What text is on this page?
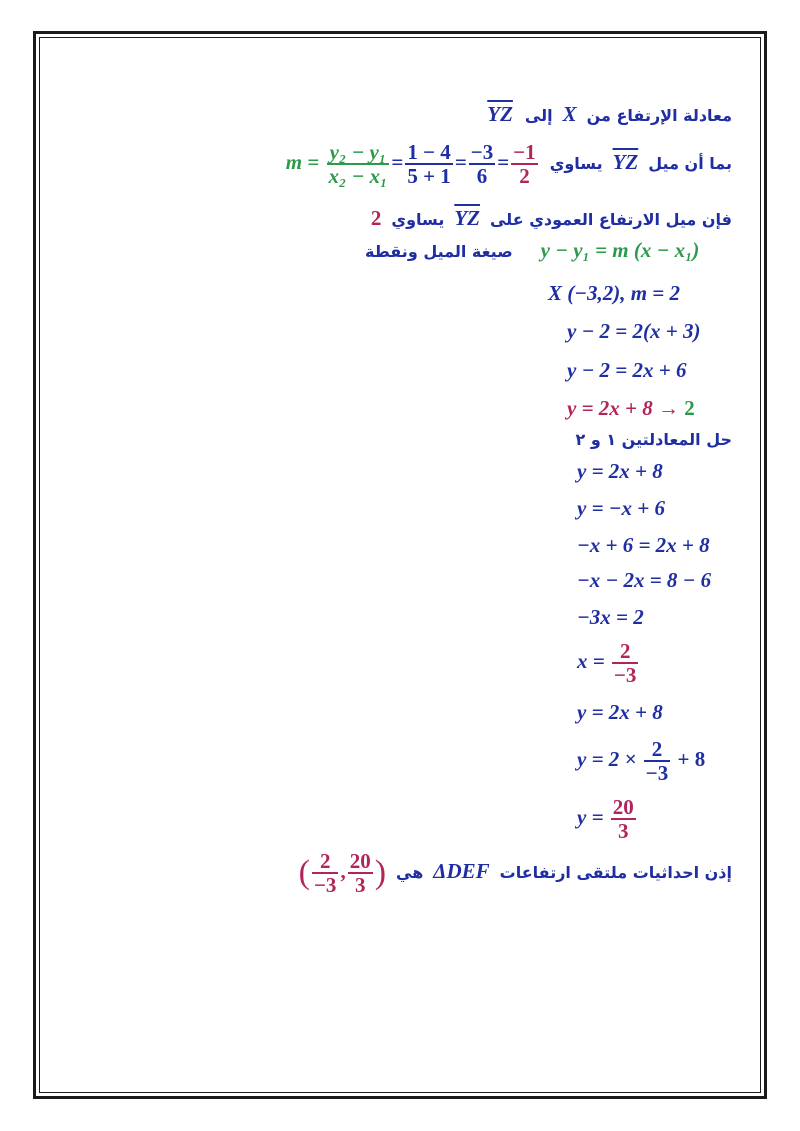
معادلة الإرتفاع من X إلى $\overline{YZ}$
بما أن ميل $\overline{YZ}$ يساوي $m = \frac{\text{y₂ − y₁}}{\text{x₂ − x₁}} = \frac{1 - 4}{5 + 1} = \frac{-3}{6} = \frac{-1}{2}$
فإن ميل الارتفاع العمودي على $\overline{YZ}$ يساوي 2
صيغة الميل ونقطة y − y₁ = m (x − x₁)
X (−3,2), m = 2
y − 2 = 2(x + 3)
y − 2 = 2x + 6
y = 2x + 8 → 2
حل المعادلتين ١ و ٢
y = 2x + 8
y = −x + 6
−x + 6 = 2x + 8
−x − 2x = 8 − 6
−3x = 2
$x = \frac{2}{-3}$
y = 2x + 8
$y = 2 \times \frac{2}{-3} + 8$
$y = \frac{20}{3}$
إذن احداثيات ملتقى ارتفاعات ΔDEF هي ( $\frac{2}{-3}$ , $\frac{20}{3}$ )
